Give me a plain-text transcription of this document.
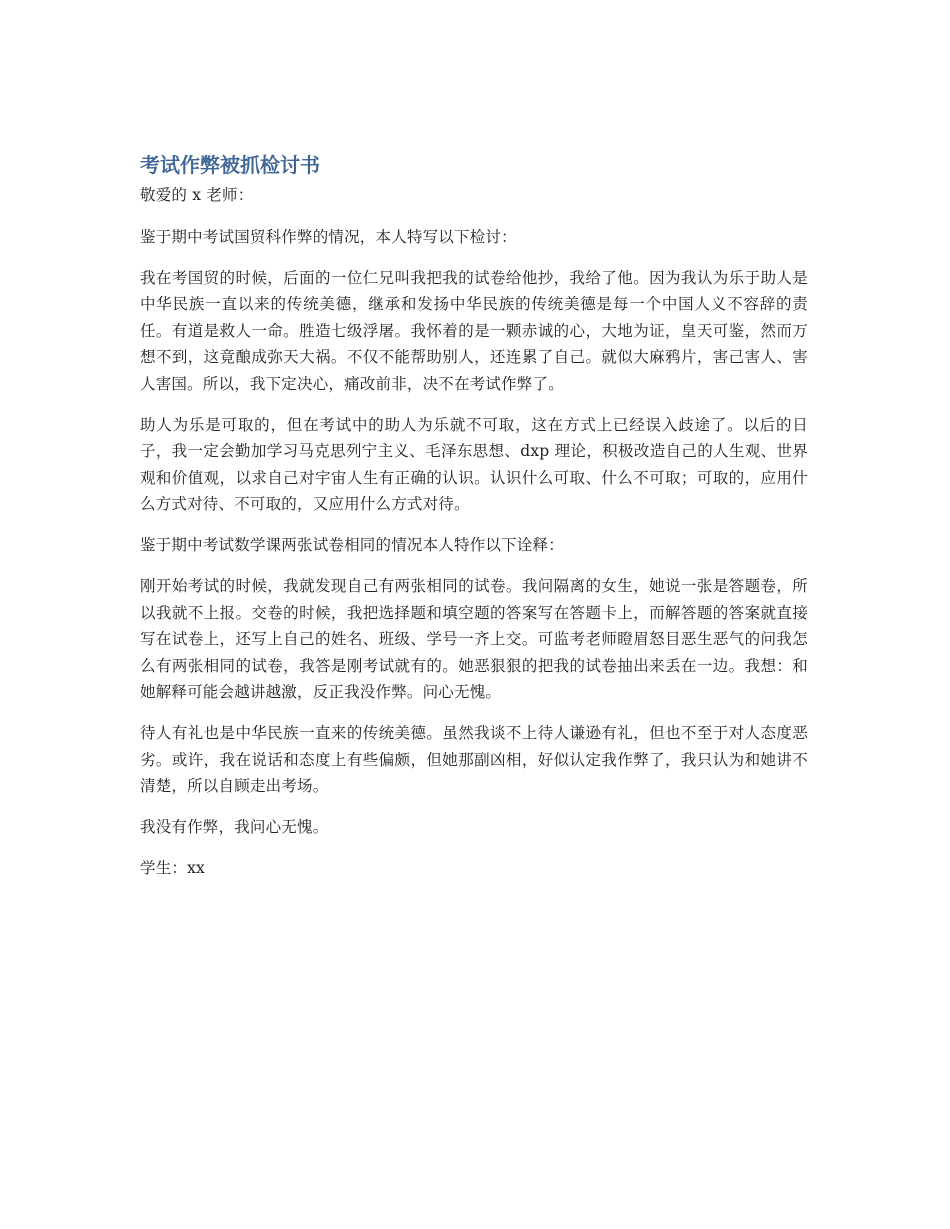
考试作弊被抓检讨书

敬爱的 x 老师：

鉴于期中考试国贸科作弊的情况，本人特写以下检讨：

我在考国贸的时候，后面的一位仁兄叫我把我的试卷给他抄，我给了他。因为我认为乐于助人是中华民族一直以来的传统美德，继承和发扬中华民族的传统美德是每一个中国人义不容辞的责任。有道是救人一命。胜造七级浮屠。我怀着的是一颗赤诚的心，大地为证，皇天可鉴，然而万想不到，这竟酿成弥天大祸。不仅不能帮助别人，还连累了自己。就似大麻鸦片，害己害人、害人害国。所以，我下定决心，痛改前非，决不在考试作弊了。

助人为乐是可取的，但在考试中的助人为乐就不可取，这在方式上已经误入歧途了。以后的日子，我一定会勤加学习马克思列宁主义、毛泽东思想、dxp 理论，积极改造自己的人生观、世界观和价值观，以求自己对宇宙人生有正确的认识。认识什么可取、什么不可取；可取的，应用什么方式对待、不可取的，又应用什么方式对待。

鉴于期中考试数学课两张试卷相同的情况本人特作以下诠释：

刚开始考试的时候，我就发现自己有两张相同的试卷。我问隔离的女生，她说一张是答题卷，所以我就不上报。交卷的时候，我把选择题和填空题的答案写在答题卡上，而解答题的答案就直接写在试卷上，还写上自己的姓名、班级、学号一齐上交。可监考老师瞪眉怒目恶生恶气的问我怎么有两张相同的试卷，我答是刚考试就有的。她恶狠狠的把我的试卷抽出来丢在一边。我想：和她解释可能会越讲越激，反正我没作弊。问心无愧。

待人有礼也是中华民族一直来的传统美德。虽然我谈不上待人谦逊有礼，但也不至于对人态度恶劣。或许，我在说话和态度上有些偏颇，但她那副凶相，好似认定我作弊了，我只认为和她讲不清楚，所以自顾走出考场。

我没有作弊，我问心无愧。

学生：xx
